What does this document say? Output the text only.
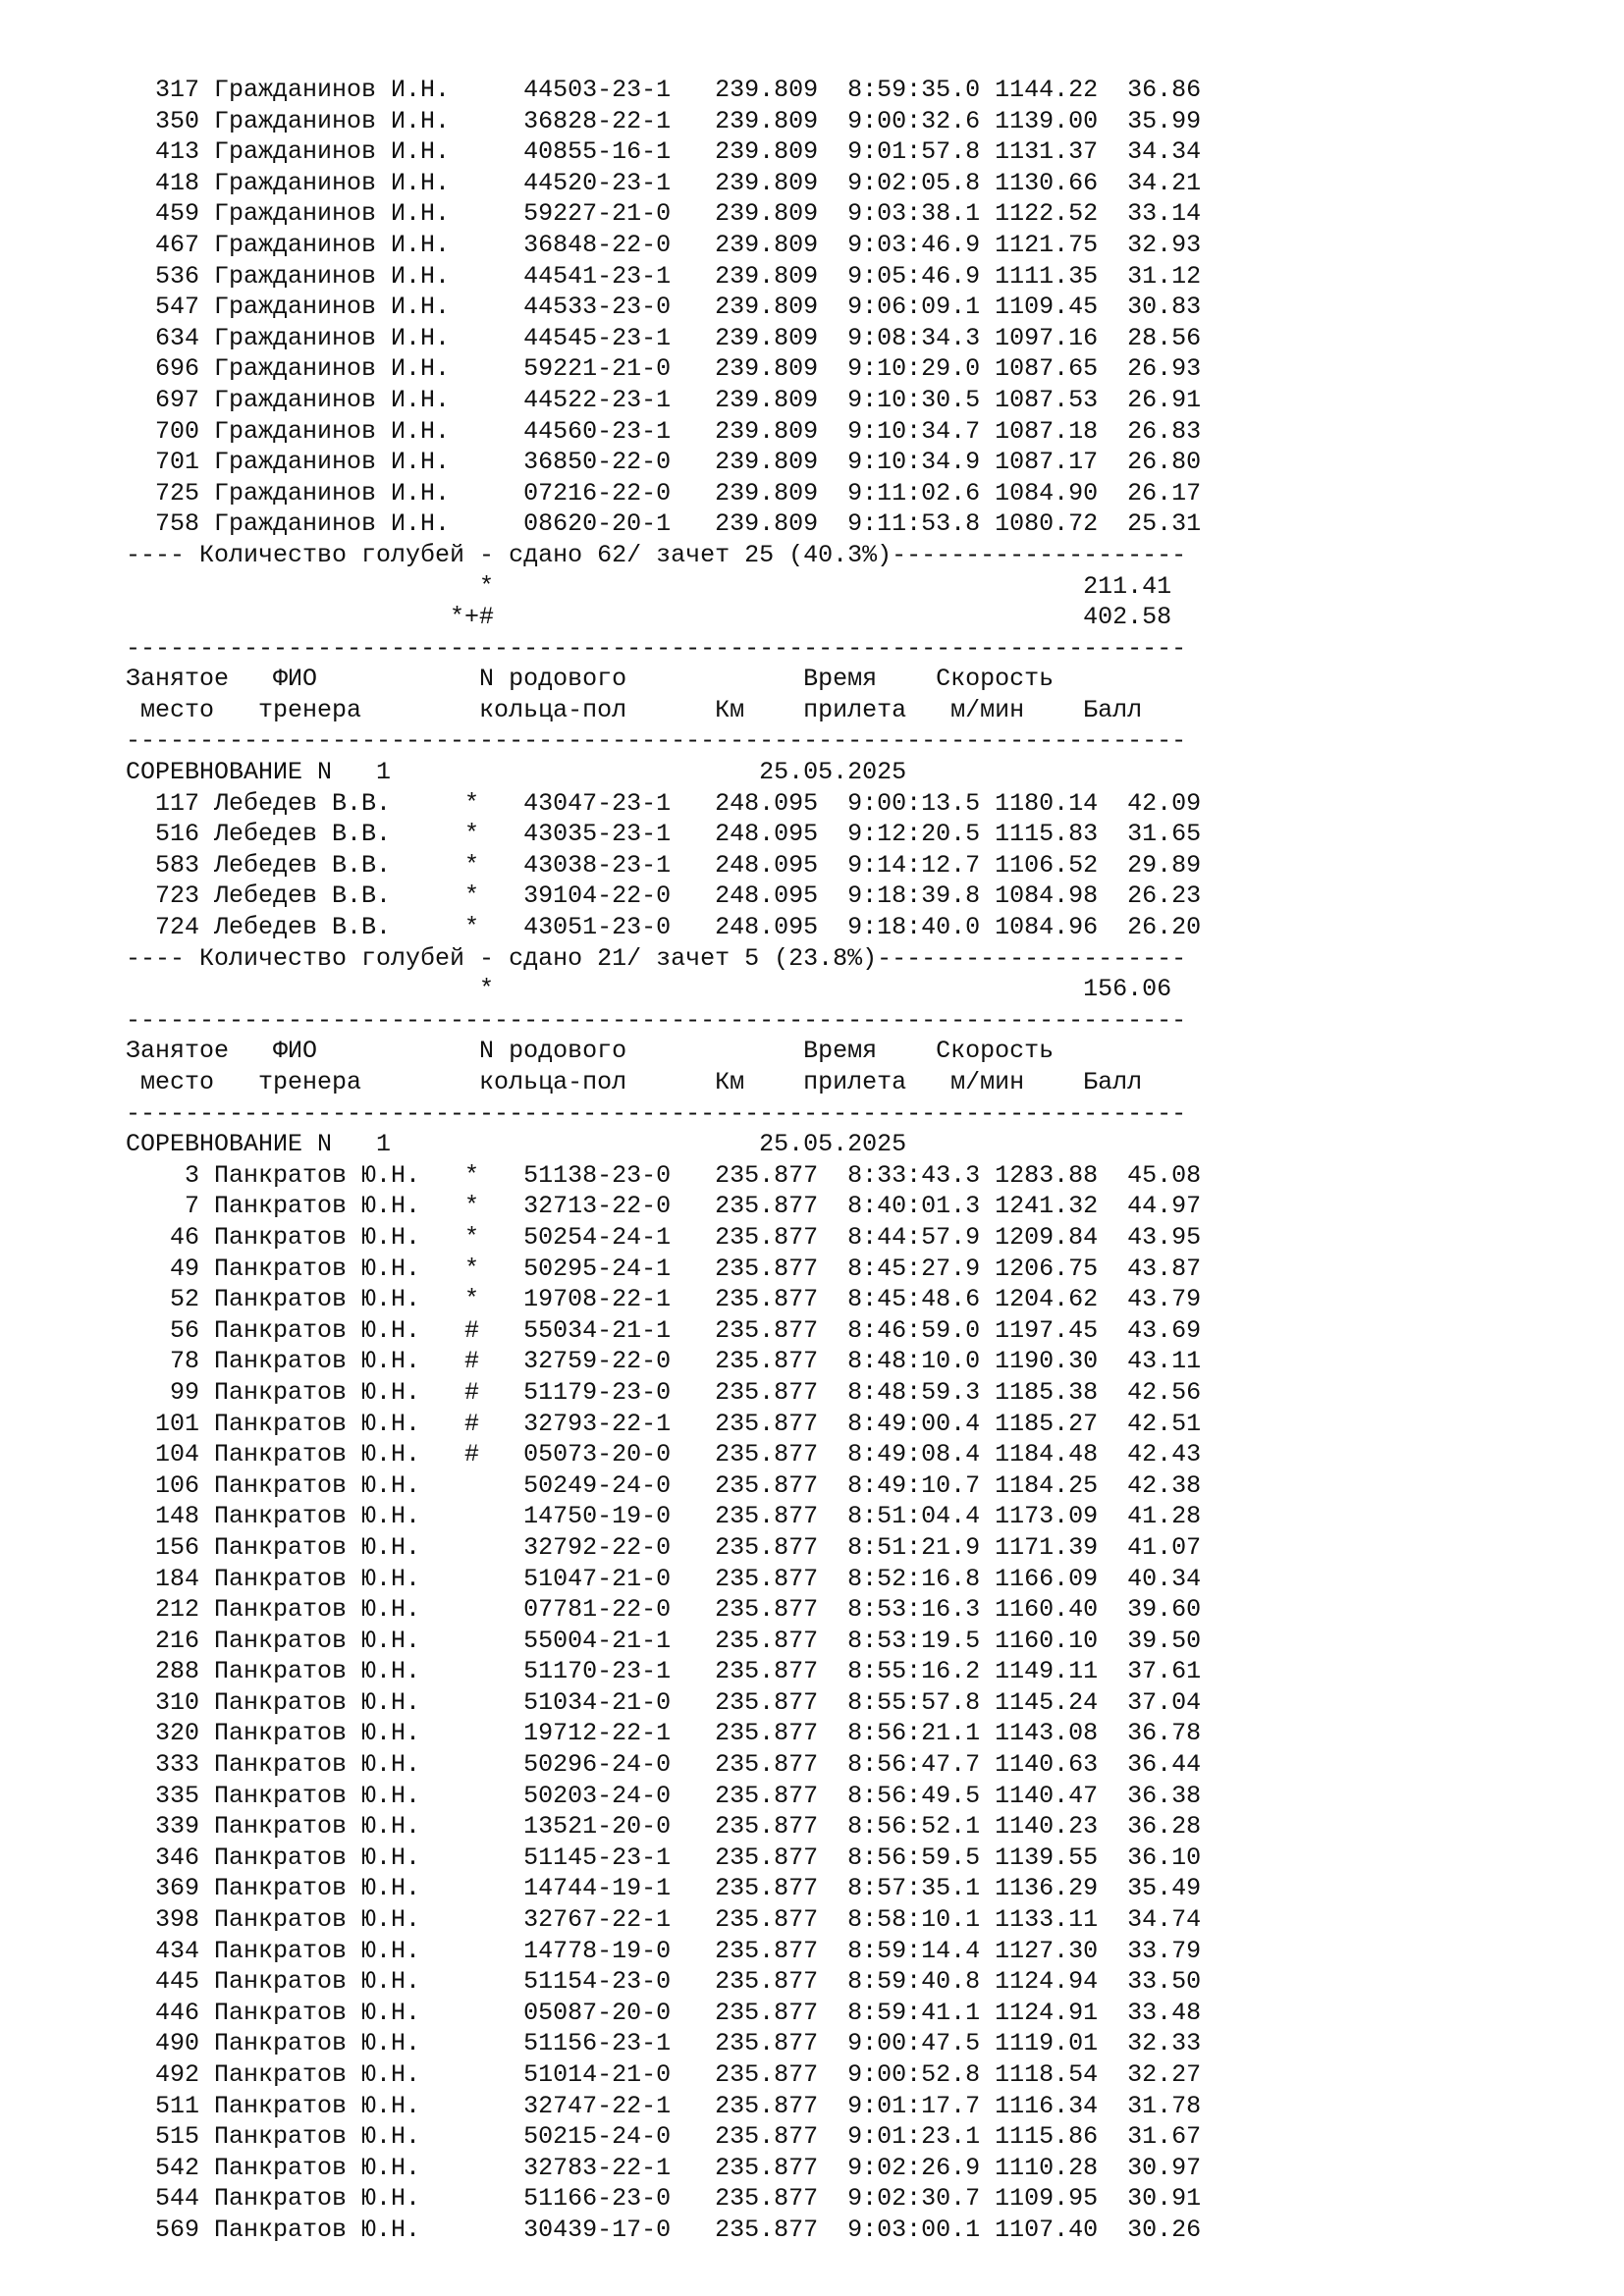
317 Гражданинов И.Н.     44503-23-1   239.809  8:59:35.0 1144.22  36.86
350 Гражданинов И.Н.     36828-22-1   239.809  9:00:32.6 1139.00  35.99
413 Гражданинов И.Н.     40855-16-1   239.809  9:01:57.8 1131.37  34.34
418 Гражданинов И.Н.     44520-23-1   239.809  9:02:05.8 1130.66  34.21
459 Гражданинов И.Н.     59227-21-0   239.809  9:03:38.1 1122.52  33.14
467 Гражданинов И.Н.     36848-22-0   239.809  9:03:46.9 1121.75  32.93
536 Гражданинов И.Н.     44541-23-1   239.809  9:05:46.9 1111.35  31.12
547 Гражданинов И.Н.     44533-23-0   239.809  9:06:09.1 1109.45  30.83
634 Гражданинов И.Н.     44545-23-1   239.809  9:08:34.3 1097.16  28.56
696 Гражданинов И.Н.     59221-21-0   239.809  9:10:29.0 1087.65  26.93
697 Гражданинов И.Н.     44522-23-1   239.809  9:10:30.5 1087.53  26.91
700 Гражданинов И.Н.     44560-23-1   239.809  9:10:34.7 1087.18  26.83
701 Гражданинов И.Н.     36850-22-0   239.809  9:10:34.9 1087.17  26.80
725 Гражданинов И.Н.     07216-22-0   239.809  9:11:02.6 1084.90  26.17
758 Гражданинов И.Н.     08620-20-1   239.809  9:11:53.8 1080.72  25.31
---- Количество голубей - сдано 62/ зачет 25 (40.3%)--------------------
*                                        211.41
*+#                                        402.58
------------------------------------------------------------------------
Занятое   ФИО           N родового            Время    Скорость
место   тренера        кольца-пол      Км    прилета   м/мин    Балл
------------------------------------------------------------------------
СОРЕВНОВАНИЕ N   1                         25.05.2025
117 Лебедев В.В.     *   43047-23-1   248.095  9:00:13.5 1180.14  42.09
516 Лебедев В.В.     *   43035-23-1   248.095  9:12:20.5 1115.83  31.65
583 Лебедев В.В.     *   43038-23-1   248.095  9:14:12.7 1106.52  29.89
723 Лебедев В.В.     *   39104-22-0   248.095  9:18:39.8 1084.98  26.23
724 Лебедев В.В.     *   43051-23-0   248.095  9:18:40.0 1084.96  26.20
---- Количество голубей - сдано 21/ зачет 5 (23.8%)---------------------
*                                        156.06
------------------------------------------------------------------------
Занятое   ФИО           N родового            Время    Скорость
место   тренера        кольца-пол      Км    прилета   м/мин    Балл
------------------------------------------------------------------------
СОРЕВНОВАНИЕ N   1                         25.05.2025
3 Панкратов Ю.Н.   *   51138-23-0   235.877  8:33:43.3 1283.88  45.08
7 Панкратов Ю.Н.   *   32713-22-0   235.877  8:40:01.3 1241.32  44.97
46 Панкратов Ю.Н.   *   50254-24-1   235.877  8:44:57.9 1209.84  43.95
49 Панкратов Ю.Н.   *   50295-24-1   235.877  8:45:27.9 1206.75  43.87
52 Панкратов Ю.Н.   *   19708-22-1   235.877  8:45:48.6 1204.62  43.79
56 Панкратов Ю.Н.   #   55034-21-1   235.877  8:46:59.0 1197.45  43.69
78 Панкратов Ю.Н.   #   32759-22-0   235.877  8:48:10.0 1190.30  43.11
99 Панкратов Ю.Н.   #   51179-23-0   235.877  8:48:59.3 1185.38  42.56
101 Панкратов Ю.Н.   #   32793-22-1   235.877  8:49:00.4 1185.27  42.51
104 Панкратов Ю.Н.   #   05073-20-0   235.877  8:49:08.4 1184.48  42.43
106 Панкратов Ю.Н.       50249-24-0   235.877  8:49:10.7 1184.25  42.38
148 Панкратов Ю.Н.       14750-19-0   235.877  8:51:04.4 1173.09  41.28
156 Панкратов Ю.Н.       32792-22-0   235.877  8:51:21.9 1171.39  41.07
184 Панкратов Ю.Н.       51047-21-0   235.877  8:52:16.8 1166.09  40.34
212 Панкратов Ю.Н.       07781-22-0   235.877  8:53:16.3 1160.40  39.60
216 Панкратов Ю.Н.       55004-21-1   235.877  8:53:19.5 1160.10  39.50
288 Панкратов Ю.Н.       51170-23-1   235.877  8:55:16.2 1149.11  37.61
310 Панкратов Ю.Н.       51034-21-0   235.877  8:55:57.8 1145.24  37.04
320 Панкратов Ю.Н.       19712-22-1   235.877  8:56:21.1 1143.08  36.78
333 Панкратов Ю.Н.       50296-24-0   235.877  8:56:47.7 1140.63  36.44
335 Панкратов Ю.Н.       50203-24-0   235.877  8:56:49.5 1140.47  36.38
339 Панкратов Ю.Н.       13521-20-0   235.877  8:56:52.1 1140.23  36.28
346 Панкратов Ю.Н.       51145-23-1   235.877  8:56:59.5 1139.55  36.10
369 Панкратов Ю.Н.       14744-19-1   235.877  8:57:35.1 1136.29  35.49
398 Панкратов Ю.Н.       32767-22-1   235.877  8:58:10.1 1133.11  34.74
434 Панкратов Ю.Н.       14778-19-0   235.877  8:59:14.4 1127.30  33.79
445 Панкратов Ю.Н.       51154-23-0   235.877  8:59:40.8 1124.94  33.50
446 Панкратов Ю.Н.       05087-20-0   235.877  8:59:41.1 1124.91  33.48
490 Панкратов Ю.Н.       51156-23-1   235.877  9:00:47.5 1119.01  32.33
492 Панкратов Ю.Н.       51014-21-0   235.877  9:00:52.8 1118.54  32.27
511 Панкратов Ю.Н.       32747-22-1   235.877  9:01:17.7 1116.34  31.78
515 Панкратов Ю.Н.       50215-24-0   235.877  9:01:23.1 1115.86  31.67
542 Панкратов Ю.Н.       32783-22-1   235.877  9:02:26.9 1110.28  30.97
544 Панкратов Ю.Н.       51166-23-0   235.877  9:02:30.7 1109.95  30.91
569 Панкратов Ю.Н.       30439-17-0   235.877  9:03:00.1 1107.40  30.26
